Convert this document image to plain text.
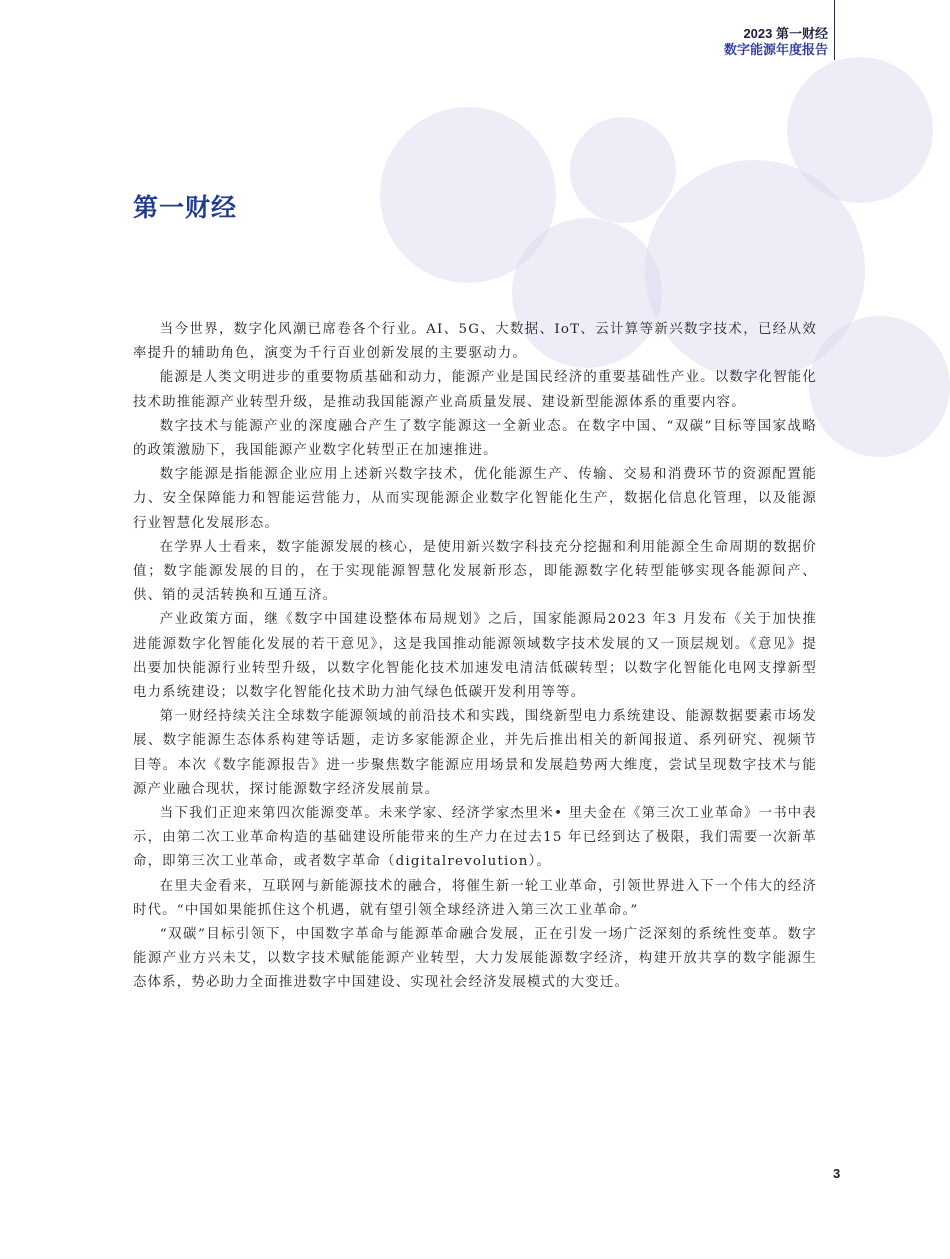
2023 第一财经
数字能源年度报告
第一财经

当今世界，数字化风潮已席卷各个行业。AI、5G、大数据、IoT、云计算等新兴数字技术，已经从效率提升的辅助角色，演变为千行百业创新发展的主要驱动力。

能源是人类文明进步的重要物质基础和动力，能源产业是国民经济的重要基础性产业。以数字化智能化技术助推能源产业转型升级，是推动我国能源产业高质量发展、建设新型能源体系的重要内容。

数字技术与能源产业的深度融合产生了数字能源这一全新业态。在数字中国、“双碳”目标等国家战略的政策激励下，我国能源产业数字化转型正在加速推进。

数字能源是指能源企业应用上述新兴数字技术，优化能源生产、传输、交易和消费环节的资源配置能力、安全保障能力和智能运营能力，从而实现能源企业数字化智能化生产，数据化信息化管理，以及能源行业智慧化发展形态。

在学界人士看来，数字能源发展的核心，是使用新兴数字科技充分挖掘和利用能源全生命周期的数据价值；数字能源发展的目的，在于实现能源智慧化发展新形态，即能源数字化转型能够实现各能源间产、供、销的灵活转换和互通互济。

产业政策方面，继《数字中国建设整体布局规划》之后，国家能源局2023 年3 月发布《关于加快推进能源数字化智能化发展的若干意见》，这是我国推动能源领域数字技术发展的又一顶层规划。《意见》提出要加快能源行业转型升级，以数字化智能化技术加速发电清洁低碳转型；以数字化智能化电网支撑新型电力系统建设；以数字化智能化技术助力油气绿色低碳开发利用等等。

第一财经持续关注全球数字能源领域的前沿技术和实践，围绕新型电力系统建设、能源数据要素市场发展、数字能源生态体系构建等话题，走访多家能源企业，并先后推出相关的新闻报道、系列研究、视频节目等。本次《数字能源报告》进一步聚焦数字能源应用场景和发展趋势两大维度，尝试呈现数字技术与能源产业融合现状，探讨能源数字经济发展前景。

当下我们正迎来第四次能源变革。未来学家、经济学家杰里米• 里夫金在《第三次工业革命》一书中表示，由第二次工业革命构造的基础建设所能带来的生产力在过去15 年已经到达了极限，我们需要一次新革命，即第三次工业革命，或者数字革命（digitalrevolution）。

在里夫金看来，互联网与新能源技术的融合，将催生新一轮工业革命，引领世界进入下一个伟大的经济时代。“中国如果能抓住这个机遇，就有望引领全球经济进入第三次工业革命。”

“双碳”目标引领下，中国数字革命与能源革命融合发展，正在引发一场广泛深刻的系统性变革。数字能源产业方兴未艾，以数字技术赋能能源产业转型，大力发展能源数字经济，构建开放共享的数字能源生态体系，势必助力全面推进数字中国建设、实现社会经济发展模式的大变迁。

3
